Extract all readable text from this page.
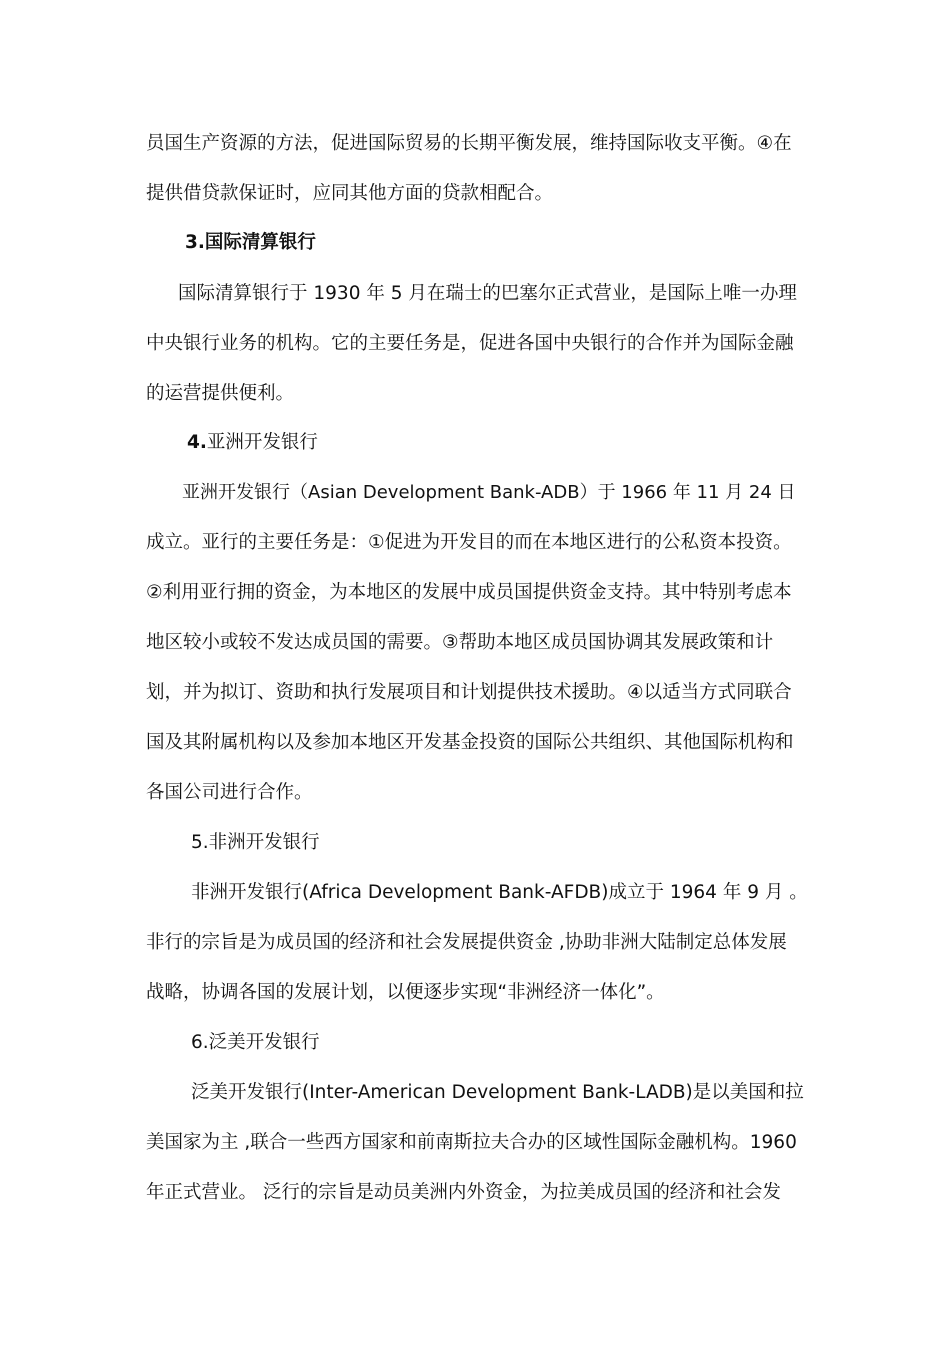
员国生产资源的方法，促进国际贸易的长期平衡发展，维持国际收支平衡。④在
提供借贷款保证时，应同其他方面的贷款相配合。
3.国际清算银行
国际清算银行于 1930 年 5 月在瑞士的巴塞尔正式营业，是国际上唯一办理
中央银行业务的机构。它的主要任务是，促进各国中央银行的合作并为国际金融
的运营提供便利。
4.亚洲开发银行
亚洲开发银行（Asian Development Bank-ADB）于 1966 年 11 月 24 日
成立。亚行的主要任务是：①促进为开发目的而在本地区进行的公私资本投资。
②利用亚行拥的资金，为本地区的发展中成员国提供资金支持。其中特别考虑本
地区较小或较不发达成员国的需要。③帮助本地区成员国协调其发展政策和计
划，并为拟订、资助和执行发展项目和计划提供技术援助。④以适当方式同联合
国及其附属机构以及参加本地区开发基金投资的国际公共组织、其他国际机构和
各国公司进行合作。
5.非洲开发银行
非洲开发银行(Africa Development Bank-AFDB)成立于 1964 年 9 月 。
非行的宗旨是为成员国的经济和社会发展提供资金 ,协助非洲大陆制定总体发展
战略，协调各国的发展计划，以便逐步实现“非洲经济一体化”。
6.泛美开发银行
泛美开发银行(Inter-American Development Bank-LADB)是以美国和拉
美国家为主 ,联合一些西方国家和前南斯拉夫合办的区域性国际金融机构。1960
年正式营业。 泛行的宗旨是动员美洲内外资金，为拉美成员国的经济和社会发
